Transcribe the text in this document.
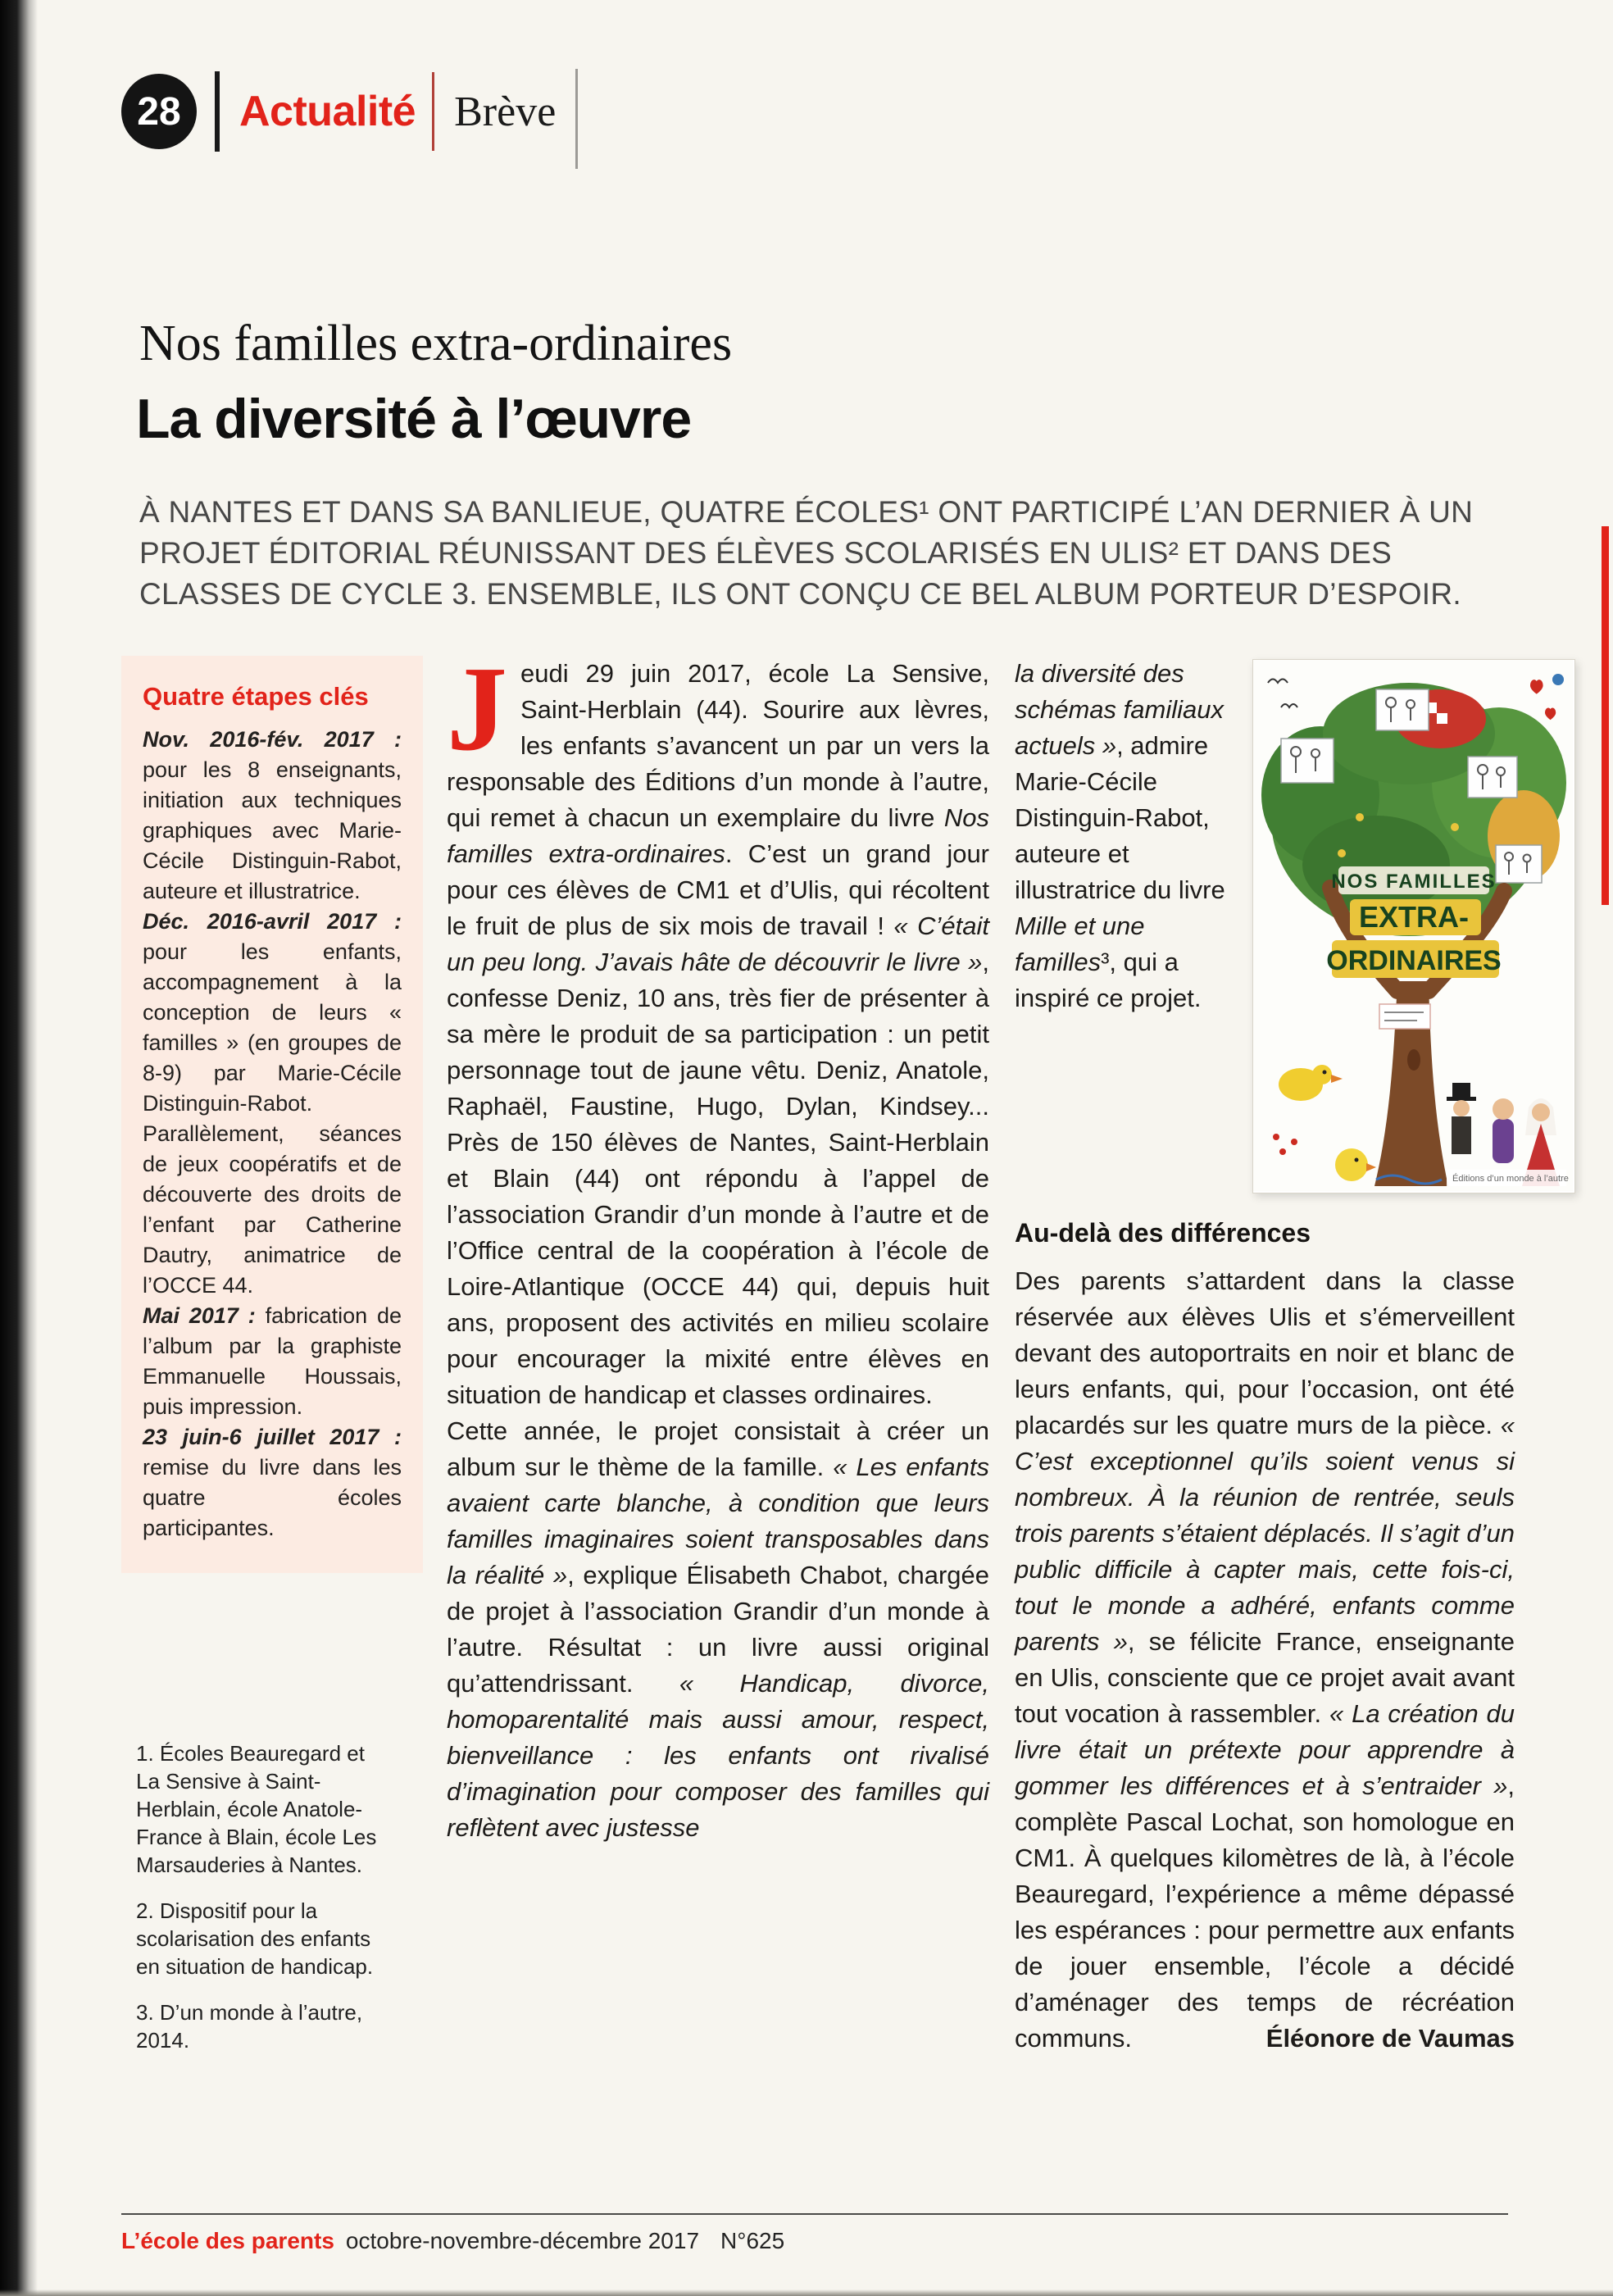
28	Actualité Brève
Nos familles extra-ordinaires
La diversité à l’œuvre
À NANTES ET DANS SA BANLIEUE, QUATRE ÉCOLES¹ ONT PARTICIPÉ L’AN DERNIER À UN PROJET ÉDITORIAL RÉUNISSANT DES ÉLÈVES SCOLARISÉS EN ULIS² ET DANS DES CLASSES DE CYCLE 3. ENSEMBLE, ILS ONT CONÇU CE BEL ALBUM PORTEUR D’ESPOIR.
Quatre étapes clés

Nov. 2016-fév. 2017 : pour les 8 enseignants, initiation aux techniques graphiques avec Marie-Cécile Distinguin-Rabot, auteure et illustratrice.

Déc. 2016-avril 2017 : pour les enfants, accompagnement à la conception de leurs « familles » (en groupes de 8-9) par Marie-Cécile Distinguin-Rabot. Parallèlement, séances de jeux coopératifs et de découverte des droits de l’enfant par Catherine Dautry, animatrice de l’OCCE 44.

Mai 2017 : fabrication de l’album par la graphiste Emmanuelle Houssais, puis impression.

23 juin-6 juillet 2017 : remise du livre dans les quatre écoles participantes.

1. Écoles Beauregard et La Sensive à Saint-Herblain, école Anatole-France à Blain, école Les Marsauderies à Nantes.
2. Dispositif pour la scolarisation des enfants en situation de handicap.
3. D’un monde à l’autre, 2014.

Jeudi 29 juin 2017, école La Sensive, Saint-Herblain (44). Sourire aux lèvres, les enfants s’avancent un par un vers la responsable des Éditions d’un monde à l’autre, qui remet à chacun un exemplaire du livre Nos familles extra-ordinaires. C’est un grand jour pour ces élèves de CM1 et d’Ulis, qui récoltent le fruit de plus de six mois de travail ! « C’était un peu long. J’avais hâte de découvrir le livre », confesse Deniz, 10 ans, très fier de présenter à sa mère le produit de sa participation : un petit personnage tout de jaune vêtu. Deniz, Anatole, Raphaël, Faustine, Hugo, Dylan, Kindsey... Près de 150 élèves de Nantes, Saint-Herblain et Blain (44) ont répondu à l’appel de l’association Grandir d’un monde à l’autre et de l’Office central de la coopération à l’école de Loire-Atlantique (OCCE 44) qui, depuis huit ans, proposent des activités en milieu scolaire pour encourager la mixité entre élèves en situation de handicap et classes ordinaires.

Cette année, le projet consistait à créer un album sur le thème de la famille. « Les enfants avaient carte blanche, à condition que leurs familles imaginaires soient transposables dans la réalité », explique Élisabeth Chabot, chargée de projet à l’association Grandir d’un monde à l’autre. Résultat : un livre aussi original qu’attendrissant. « Handicap, divorce, homoparentalité mais aussi amour, respect, bienveillance : les enfants ont rivalisé d’imagination pour composer des familles qui reflètent avec justesse

la diversité des schémas familiaux actuels », admire Marie-Cécile Distinguin-Rabot, auteure et illustratrice du livre Mille et une familles³, qui a inspiré ce projet.

NOS FAMILLES
EXTRA-
ORDINAIRES
Éditions d’un monde à l’autre
Au-delà des différences

Des parents s’attardent dans la classe réservée aux élèves Ulis et s’émerveillent devant des autoportraits en noir et blanc de leurs enfants, qui, pour l’occasion, ont été placardés sur les quatre murs de la pièce. « C’est exceptionnel qu’ils soient venus si nombreux. À la réunion de rentrée, seuls trois parents s’étaient déplacés. Il s’agit d’un public difficile à capter mais, cette fois-ci, tout le monde a adhéré, enfants comme parents », se félicite France, enseignante en Ulis, consciente que ce projet avait avant tout vocation à rassembler. « La création du livre était un prétexte pour apprendre à gommer les différences et à s’entraider », complète Pascal Lochat, son homologue en CM1. À quelques kilomètres de là, à l’école Beauregard, l’expérience a même dépassé les espérances : pour permettre aux enfants de jouer ensemble, l’école a décidé d’aménager des temps de récréation communs.	Éléonore de Vaumas

L’école des parents octobre-novembre-décembre 2017 N°625
